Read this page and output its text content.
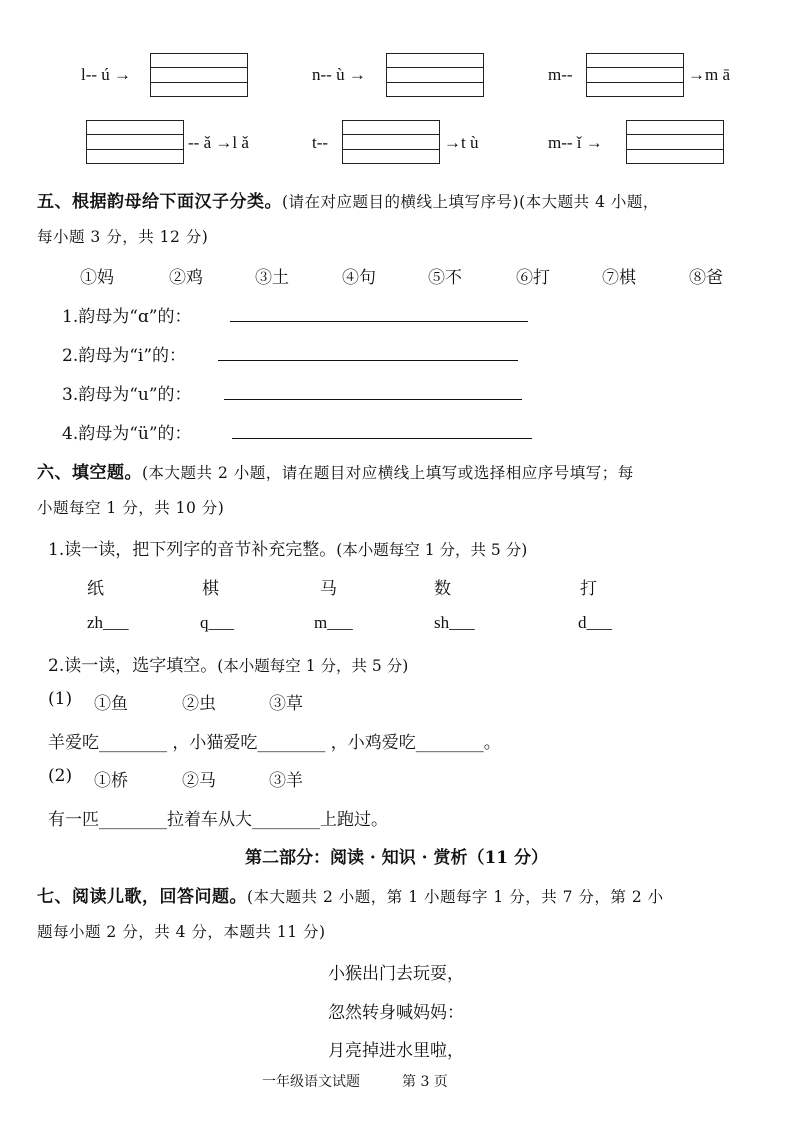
l-- ú →	n-- ù →	m--	→m ā
-- ǎ →l ǎ	t--	→t ù	m-- ǐ →
五、根据韵母给下面汉子分类。(请在对应题目的横线上填写序号)(本大题共 4 小题，
每小题 3 分，共 12 分)
①妈	②鸡	③土	④句	⑤不	⑥打	⑦棋	⑧爸
1.韵母为“ɑ”的：
2.韵母为“i”的：
3.韵母为“u”的：
4.韵母为“ü”的：
六、填空题。(本大题共 2 小题，请在题目对应横线上填写或选择相应序号填写；每
小题每空 1 分，共 10 分)
1.读一读，把下列字的音节补充完整。(本小题每空 1 分，共 5 分)
纸	棋	马	数	打
zh___	q___	m___	sh___	d___
2.读一读，选字填空。(本小题每空 1 分，共 5 分)
(1) ①鱼	②虫	③草
羊爱吃________ ，小猫爱吃________ ，小鸡爱吃________。
(2) ①桥	②马	③羊
有一匹________拉着车从大________上跑过。
第二部分：阅读 · 知识 · 赏析（11 分）
七、阅读儿歌，回答问题。(本大题共 2 小题，第 1 小题每字 1 分，共 7 分，第 2 小
题每小题 2 分，共 4 分，本题共 11 分)
小猴出门去玩耍，
忽然转身喊妈妈：
月亮掉进水里啦，
一年级语文试题	第 3 页
